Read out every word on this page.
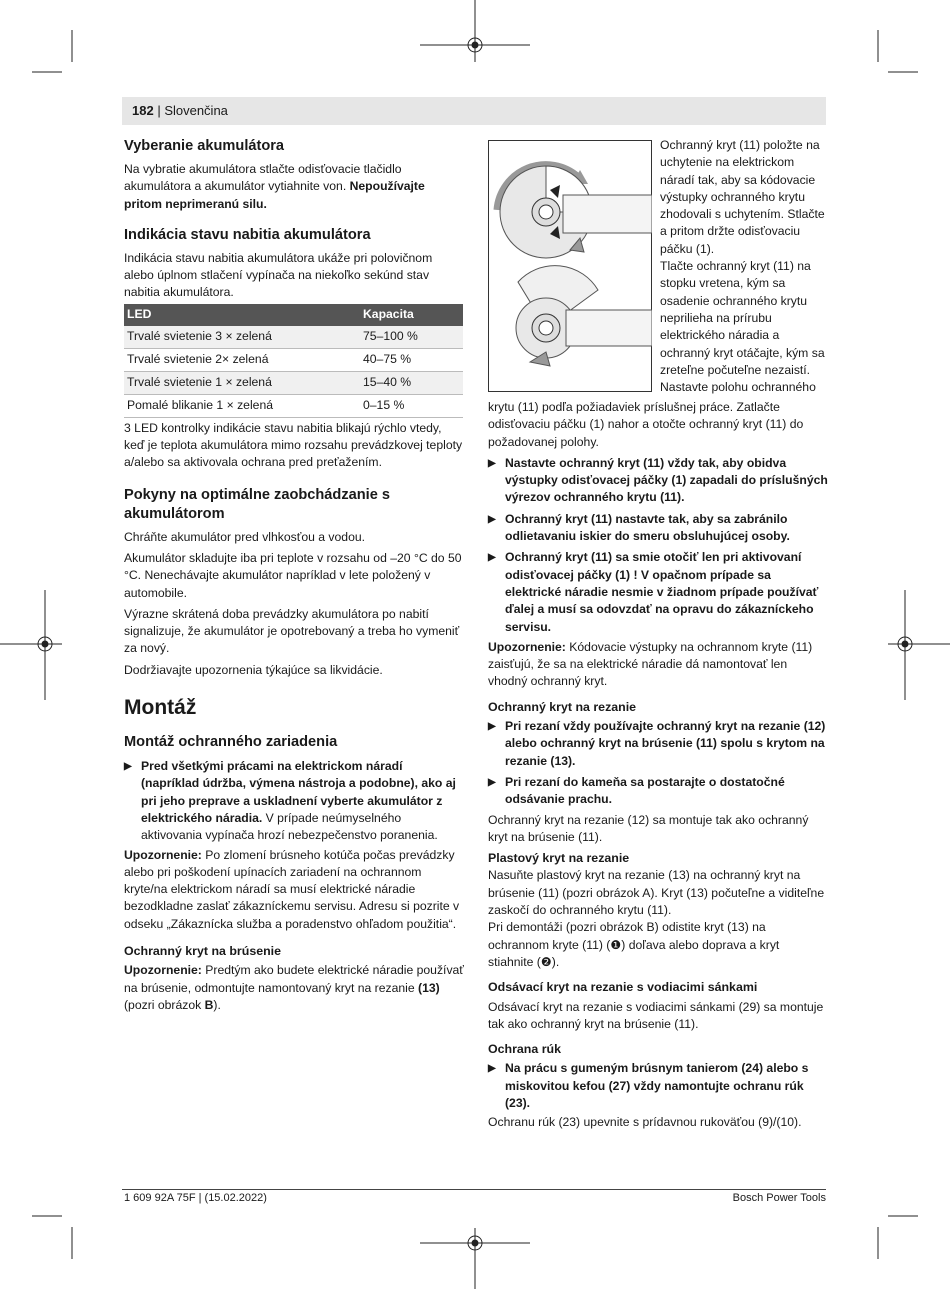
182 | Slovenčina
Vyberanie akumulátora

Na vybratie akumulátora stlačte odisťovacie tlačidlo akumulátora a akumulátor vytiahnite von. Nepoužívajte pritom neprimeranú silu.

Indikácia stavu nabitia akumulátora

Indikácia stavu nabitia akumulátora ukáže pri polovičnom alebo úplnom stlačení vypínača na niekoľko sekúnd stav nabitia akumulátora.

LED	Kapacita
Trvalé svietenie 3 × zelená	75–100 %
Trvalé svietenie 2× zelená	40–75 %
Trvalé svietenie 1 × zelená	15–40 %
Pomalé blikanie 1 × zelená	0–15 %

3 LED kontrolky indikácie stavu nabitia blikajú rýchlo vtedy, keď je teplota akumulátora mimo rozsahu prevádzkovej teploty a/alebo sa aktivovala ochrana pred preťažením.

Pokyny na optimálne zaobchádzanie s akumulátorom

Chráňte akumulátor pred vlhkosťou a vodou.

Akumulátor skladujte iba pri teplote v rozsahu od –20 °C do 50 °C. Nenechávajte akumulátor napríklad v lete položený v automobile.

Výrazne skrátená doba prevádzky akumulátora po nabití signalizuje, že akumulátor je opotrebovaný a treba ho vymeniť za nový.

Dodržiavajte upozornenia týkajúce sa likvidácie.

Montáž
Montáž ochranného zariadenia

▶ Pred všetkými prácami na elektrickom náradí (napríklad údržba, výmena nástroja a podobne), ako aj pri jeho preprave a uskladnení vyberte akumulátor z elektrického náradia. V prípade neúmyselného aktivovania vypínača hrozí nebezpečenstvo poranenia.

Upozornenie: Po zlomení brúsneho kotúča počas prevádzky alebo pri poškodení upínacích zariadení na ochrannom kryte/na elektrickom náradí sa musí elektrické náradie bezodkladne zaslať zákazníckemu servisu. Adresu si pozrite v odseku „Zákaznícka služba a poradenstvo ohľadom použitia“.

Ochranný kryt na brúsenie

Upozornenie: Predtým ako budete elektrické náradie používať na brúsenie, odmontujte namontovaný kryt na rezanie (13) (pozri obrázok B).

Ochranný kryt (11) položte na uchytenie na elektrickom náradí tak, aby sa kódovacie výstupky ochranného krytu zhodovali s uchytením. Stlačte a pritom držte odisťovaciu páčku (1).

Tlačte ochranný kryt (11) na stopku vretena, kým sa osadenie ochranného krytu neprilieha na prírubu elektrického náradia a ochranný kryt otáčajte, kým sa zreteľne počuteľne nezaistí.

Nastavte polohu ochranného

krytu (11) podľa požiadaviek príslušnej práce. Zatlačte odisťovaciu páčku (1) nahor a otočte ochranný kryt (11) do požadovanej polohy.

▶ Nastavte ochranný kryt (11) vždy tak, aby obidva výstupky odisťovacej páčky (1) zapadali do príslušných výrezov ochranného krytu (11).

▶ Ochranný kryt (11) nastavte tak, aby sa zabránilo odlietavaniu iskier do smeru obsluhujúcej osoby.

▶ Ochranný kryt (11) sa smie otočiť len pri aktivovaní odisťovacej páčky (1) ! V opačnom prípade sa elektrické náradie nesmie v žiadnom prípade používať ďalej a musí sa odovzdať na opravu do zákazníckeho servisu.

Upozornenie: Kódovacie výstupky na ochrannom kryte (11) zaisťujú, že sa na elektrické náradie dá namontovať len vhodný ochranný kryt.

Ochranný kryt na rezanie

▶ Pri rezaní vždy používajte ochranný kryt na rezanie (12) alebo ochranný kryt na brúsenie (11) spolu s krytom na rezanie (13).

▶ Pri rezaní do kameňa sa postarajte o dostatočné odsávanie prachu.

Ochranný kryt na rezanie (12) sa montuje tak ako ochranný kryt na brúsenie (11).

Plastový kryt na rezanie

Nasuňte plastový kryt na rezanie (13) na ochranný kryt na brúsenie (11) (pozri obrázok A). Kryt (13) počuteľne a viditeľne zaskočí do ochranného krytu (11).

Pri demontáži (pozri obrázok B) odistite kryt (13) na ochrannom kryte (11) (❶) doľava alebo doprava a kryt stiahnite (❷).

Odsávací kryt na rezanie s vodiacimi sánkami

Odsávací kryt na rezanie s vodiacimi sánkami (29) sa montuje tak ako ochranný kryt na brúsenie (11).

Ochrana rúk

▶ Na prácu s gumeným brúsnym tanierom (24) alebo s miskovitou kefou (27) vždy namontujte ochranu rúk (23).

Ochranu rúk (23) upevnite s prídavnou rukoväťou (9)/(10).

1 609 92A 75F | (15.02.2022)	Bosch Power Tools
